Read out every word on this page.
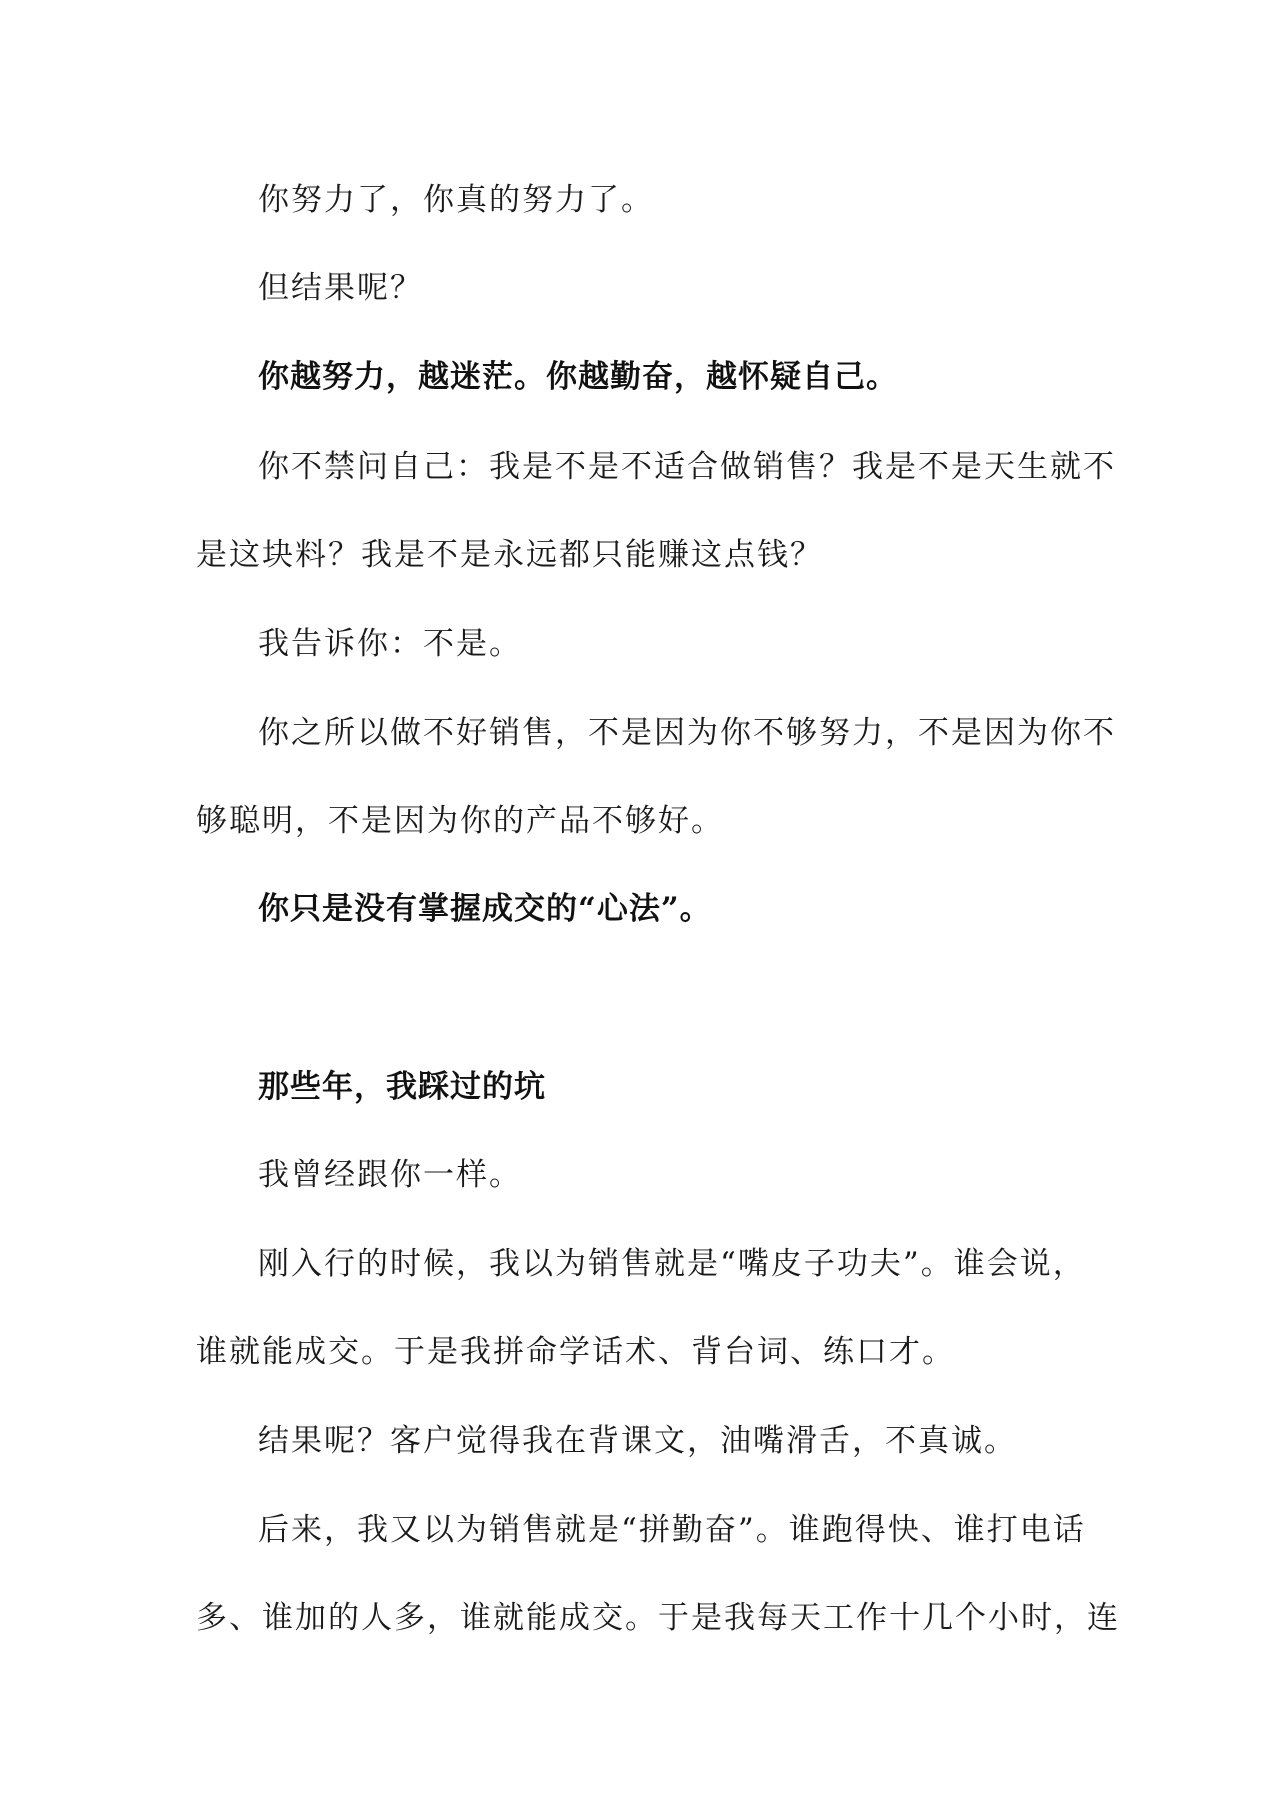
你努力了，你真的努力了。
但结果呢？
你越努力，越迷茫。你越勤奋，越怀疑自己。
你不禁问自己：我是不是不适合做销售？我是不是天生就不
是这块料？我是不是永远都只能赚这点钱？
我告诉你：不是。
你之所以做不好销售，不是因为你不够努力，不是因为你不
够聪明，不是因为你的产品不够好。
你只是没有掌握成交的“心法”。
那些年，我踩过的坑
我曾经跟你一样。
刚入行的时候，我以为销售就是“嘴皮子功夫”。谁会说，
谁就能成交。于是我拼命学话术、背台词、练口才。
结果呢？客户觉得我在背课文，油嘴滑舌，不真诚。
后来，我又以为销售就是“拼勤奋”。谁跑得快、谁打电话
多、谁加的人多，谁就能成交。于是我每天工作十几个小时，连
